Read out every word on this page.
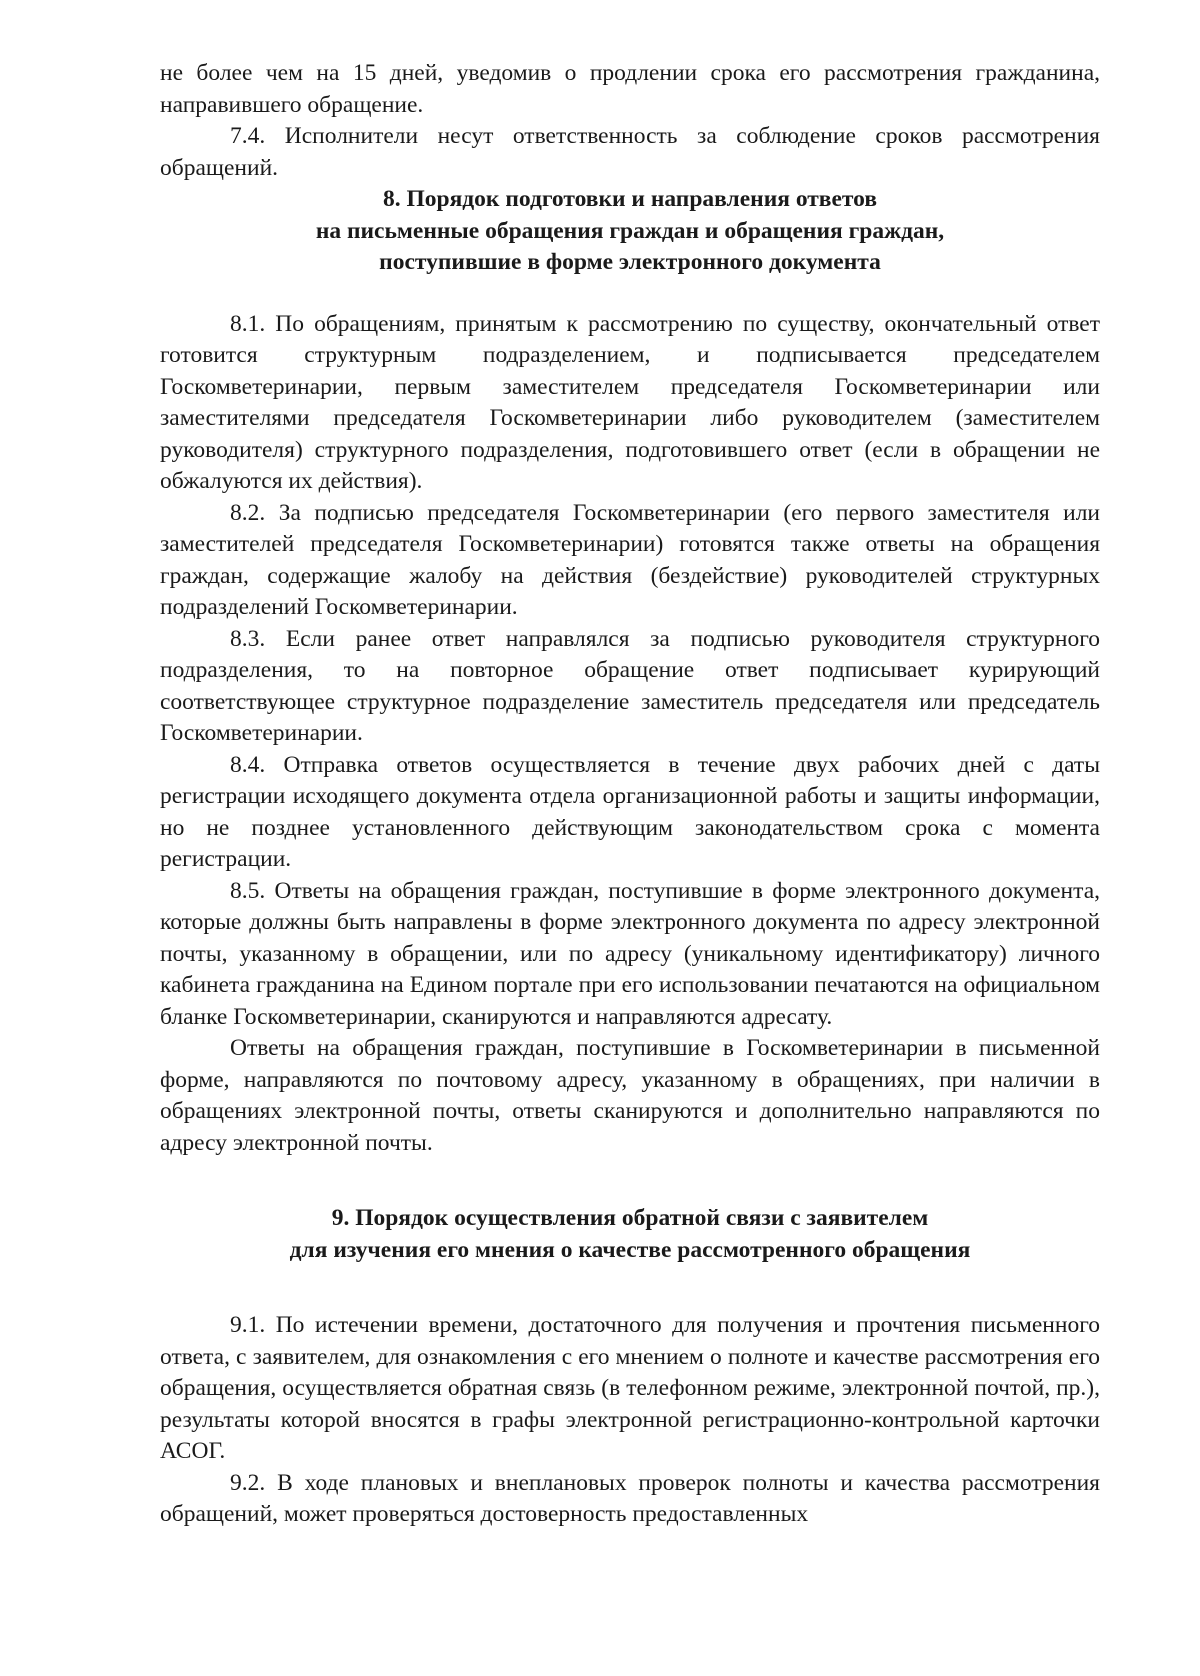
не более чем на 15 дней, уведомив о продлении срока его рассмотрения гражданина, направившего обращение.

7.4. Исполнители несут ответственность за соблюдение сроков рассмотрения обращений.

8. Порядок подготовки и направления ответов
на письменные обращения граждан и обращения граждан,
поступившие в форме электронного документа

8.1. По обращениям, принятым к рассмотрению по существу, окончательный ответ готовится структурным подразделением, и подписывается председателем Госкомветеринарии, первым заместителем председателя Госкомветеринарии или заместителями председателя Госкомветеринарии либо руководителем (заместителем руководителя) структурного подразделения, подготовившего ответ (если в обращении не обжалуются их действия).

8.2. За подписью председателя Госкомветеринарии (его первого заместителя или заместителей председателя Госкомветеринарии) готовятся также ответы на обращения граждан, содержащие жалобу на действия (бездействие) руководителей структурных подразделений Госкомветеринарии.

8.3. Если ранее ответ направлялся за подписью руководителя структурного подразделения, то на повторное обращение ответ подписывает курирующий соответствующее структурное подразделение заместитель председателя или председатель Госкомветеринарии.

8.4. Отправка ответов осуществляется в течение двух рабочих дней с даты регистрации исходящего документа отдела организационной работы и защиты информации, но не позднее установленного действующим законодательством срока с момента регистрации.

8.5. Ответы на обращения граждан, поступившие в форме электронного документа, которые должны быть направлены в форме электронного документа по адресу электронной почты, указанному в обращении, или по адресу (уникальному идентификатору) личного кабинета гражданина на Едином портале при его использовании печатаются на официальном бланке Госкомветеринарии, сканируются и направляются адресату.

Ответы на обращения граждан, поступившие в Госкомветеринарии в письменной форме, направляются по почтовому адресу, указанному в обращениях, при наличии в обращениях электронной почты, ответы сканируются и дополнительно направляются по адресу электронной почты.

9. Порядок осуществления обратной связи с заявителем
для изучения его мнения о качестве рассмотренного обращения

9.1. По истечении времени, достаточного для получения и прочтения письменного ответа, с заявителем, для ознакомления с его мнением о полноте и качестве рассмотрения его обращения, осуществляется обратная связь (в телефонном режиме, электронной почтой, пр.), результаты которой вносятся в графы электронной регистрационно-контрольной карточки АСОГ.

9.2. В ходе плановых и внеплановых проверок полноты и качества рассмотрения обращений, может проверяться достоверность предоставленных
